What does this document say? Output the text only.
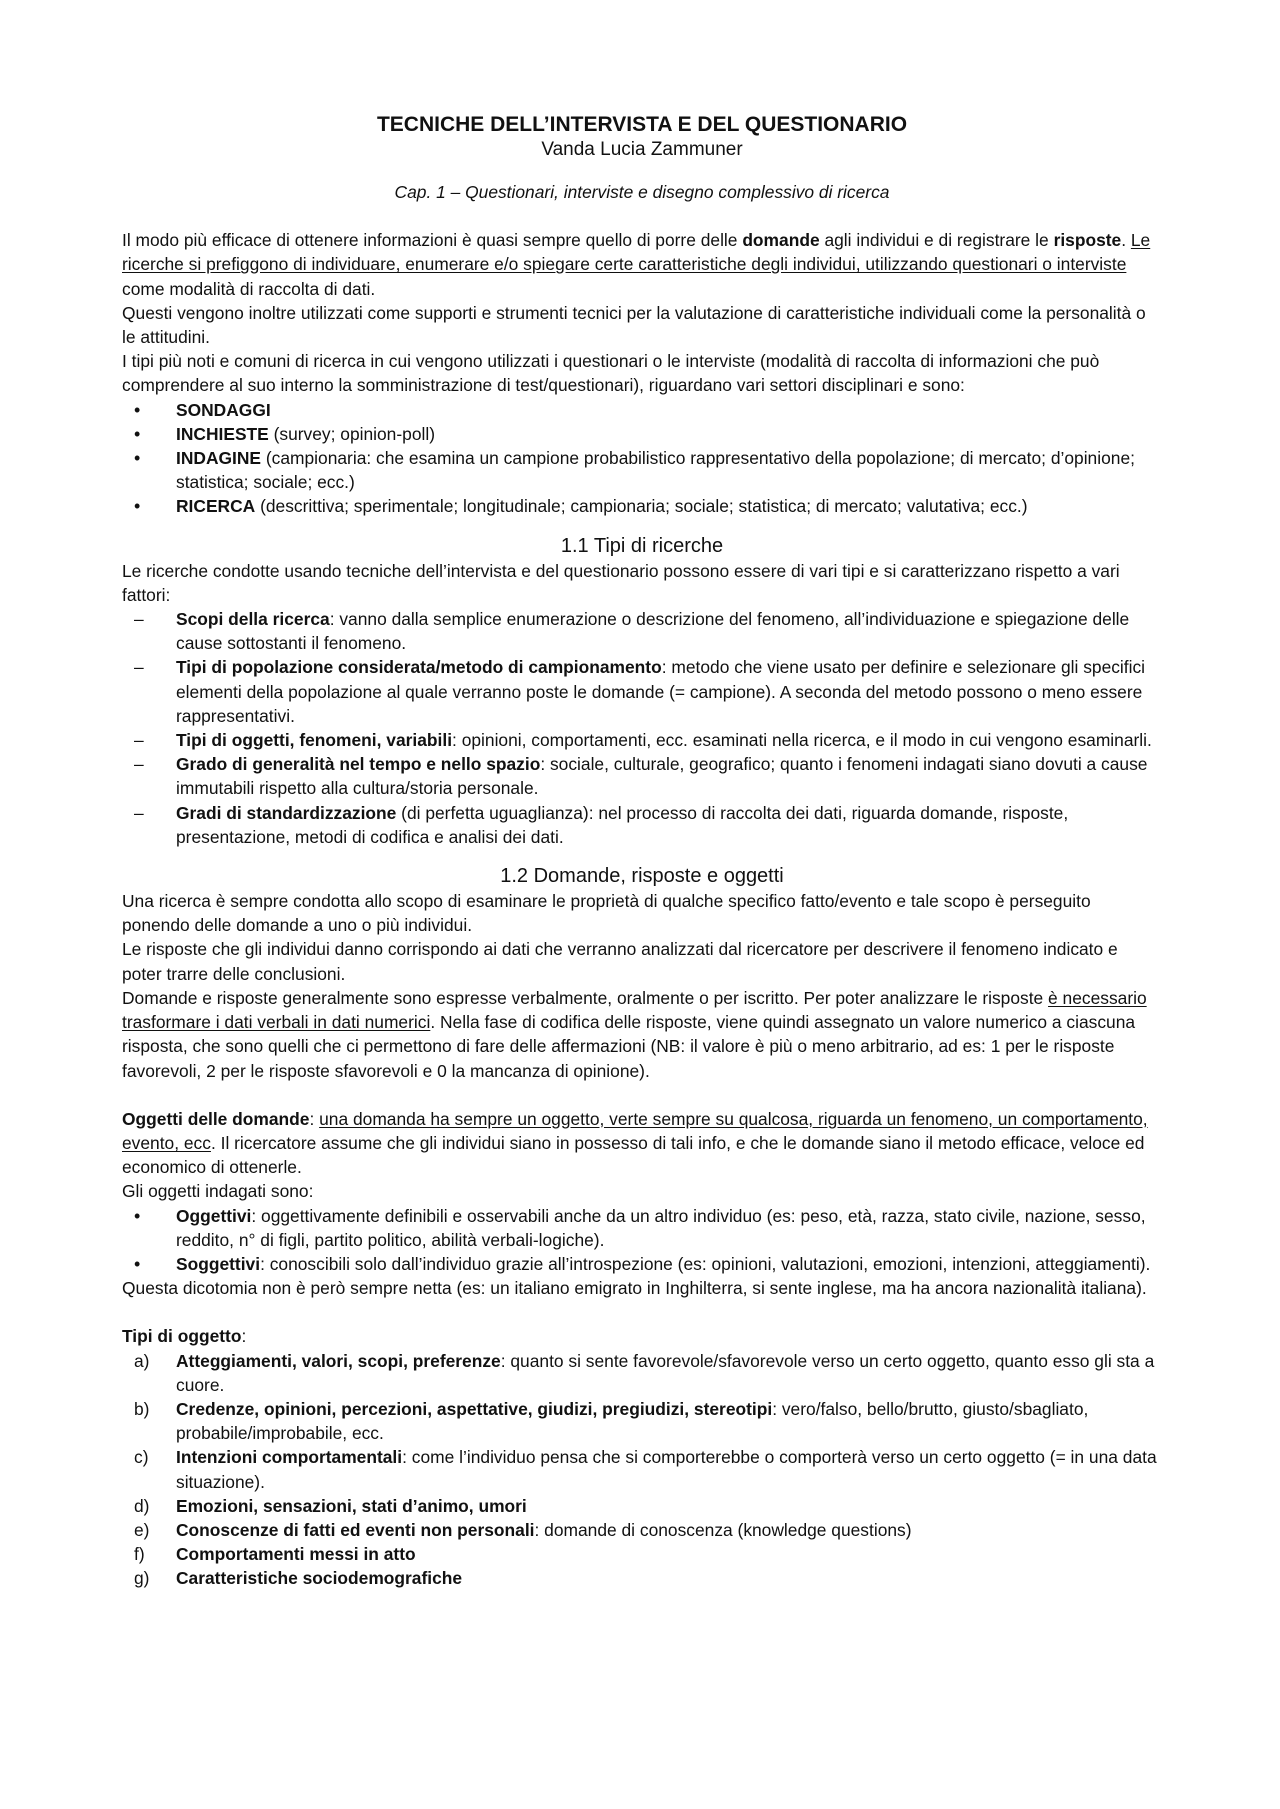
TECNICHE DELL’INTERVISTA E DEL QUESTIONARIO
Vanda Lucia Zammuner
Cap. 1 – Questionari, interviste e disegno complessivo di ricerca

Il modo più efficace di ottenere informazioni è quasi sempre quello di porre delle domande agli individui e di registrare le risposte. Le ricerche si prefiggono di individuare, enumerare e/o spiegare certe caratteristiche degli individui, utilizzando questionari o interviste come modalità di raccolta di dati.

Questi vengono inoltre utilizzati come supporti e strumenti tecnici per la valutazione di caratteristiche individuali come la personalità o le attitudini.

I tipi più noti e comuni di ricerca in cui vengono utilizzati i questionari o le interviste (modalità di raccolta di informazioni che può comprendere al suo interno la somministrazione di test/questionari), riguardano vari settori disciplinari e sono:

•	SONDAGGI
•	INCHIESTE (survey; opinion-poll)
•	INDAGINE (campionaria: che esamina un campione probabilistico rappresentativo della popolazione; di mercato; d’opinione; statistica; sociale; ecc.)
•	RICERCA (descrittiva; sperimentale; longitudinale; campionaria; sociale; statistica; di mercato; valutativa; ecc.)
1.1 Tipi di ricerche

Le ricerche condotte usando tecniche dell’intervista e del questionario possono essere di vari tipi e si caratterizzano rispetto a vari fattori:

–	Scopi della ricerca: vanno dalla semplice enumerazione o descrizione del fenomeno, all’individuazione e spiegazione delle cause sottostanti il fenomeno.
–	Tipi di popolazione considerata/metodo di campionamento: metodo che viene usato per definire e selezionare gli specifici elementi della popolazione al quale verranno poste le domande (= campione). A seconda del metodo possono o meno essere rappresentativi.
–	Tipi di oggetti, fenomeni, variabili: opinioni, comportamenti, ecc. esaminati nella ricerca, e il modo in cui vengono esaminarli.
–	Grado di generalità nel tempo e nello spazio: sociale, culturale, geografico; quanto i fenomeni indagati siano dovuti a cause immutabili rispetto alla cultura/storia personale.
–	Gradi di standardizzazione (di perfetta uguaglianza): nel processo di raccolta dei dati, riguarda domande, risposte, presentazione, metodi di codifica e analisi dei dati.
1.2 Domande, risposte e oggetti

Una ricerca è sempre condotta allo scopo di esaminare le proprietà di qualche specifico fatto/evento e tale scopo è perseguito ponendo delle domande a uno o più individui.

Le risposte che gli individui danno corrispondo ai dati che verranno analizzati dal ricercatore per descrivere il fenomeno indicato e poter trarre delle conclusioni.

Domande e risposte generalmente sono espresse verbalmente, oralmente o per iscritto. Per poter analizzare le risposte è necessario trasformare i dati verbali in dati numerici. Nella fase di codifica delle risposte, viene quindi assegnato un valore numerico a ciascuna risposta, che sono quelli che ci permettono di fare delle affermazioni (NB: il valore è più o meno arbitrario, ad es: 1 per le risposte favorevoli, 2 per le risposte sfavorevoli e 0 la mancanza di opinione).

Oggetti delle domande: una domanda ha sempre un oggetto, verte sempre su qualcosa, riguarda un fenomeno, un comportamento, evento, ecc. Il ricercatore assume che gli individui siano in possesso di tali info, e che le domande siano il metodo efficace, veloce ed economico di ottenerle.

Gli oggetti indagati sono:

•	Oggettivi: oggettivamente definibili e osservabili anche da un altro individuo (es: peso, età, razza, stato civile, nazione, sesso, reddito, n° di figli, partito politico, abilità verbali-logiche).
•	Soggettivi: conoscibili solo dall’individuo grazie all’introspezione (es: opinioni, valutazioni, emozioni, intenzioni, atteggiamenti).

Questa dicotomia non è però sempre netta (es: un italiano emigrato in Inghilterra, si sente inglese, ma ha ancora nazionalità italiana).

Tipi di oggetto:

a)	Atteggiamenti, valori, scopi, preferenze: quanto si sente favorevole/sfavorevole verso un certo oggetto, quanto esso gli sta a cuore.
b)	Credenze, opinioni, percezioni, aspettative, giudizi, pregiudizi, stereotipi: vero/falso, bello/brutto, giusto/sbagliato, probabile/improbabile, ecc.
c)	Intenzioni comportamentali: come l’individuo pensa che si comporterebbe o comporterà verso un certo oggetto (= in una data situazione).
d)	Emozioni, sensazioni, stati d’animo, umori
e)	Conoscenze di fatti ed eventi non personali: domande di conoscenza (knowledge questions)
f)	Comportamenti messi in atto
g)	Caratteristiche sociodemografiche
